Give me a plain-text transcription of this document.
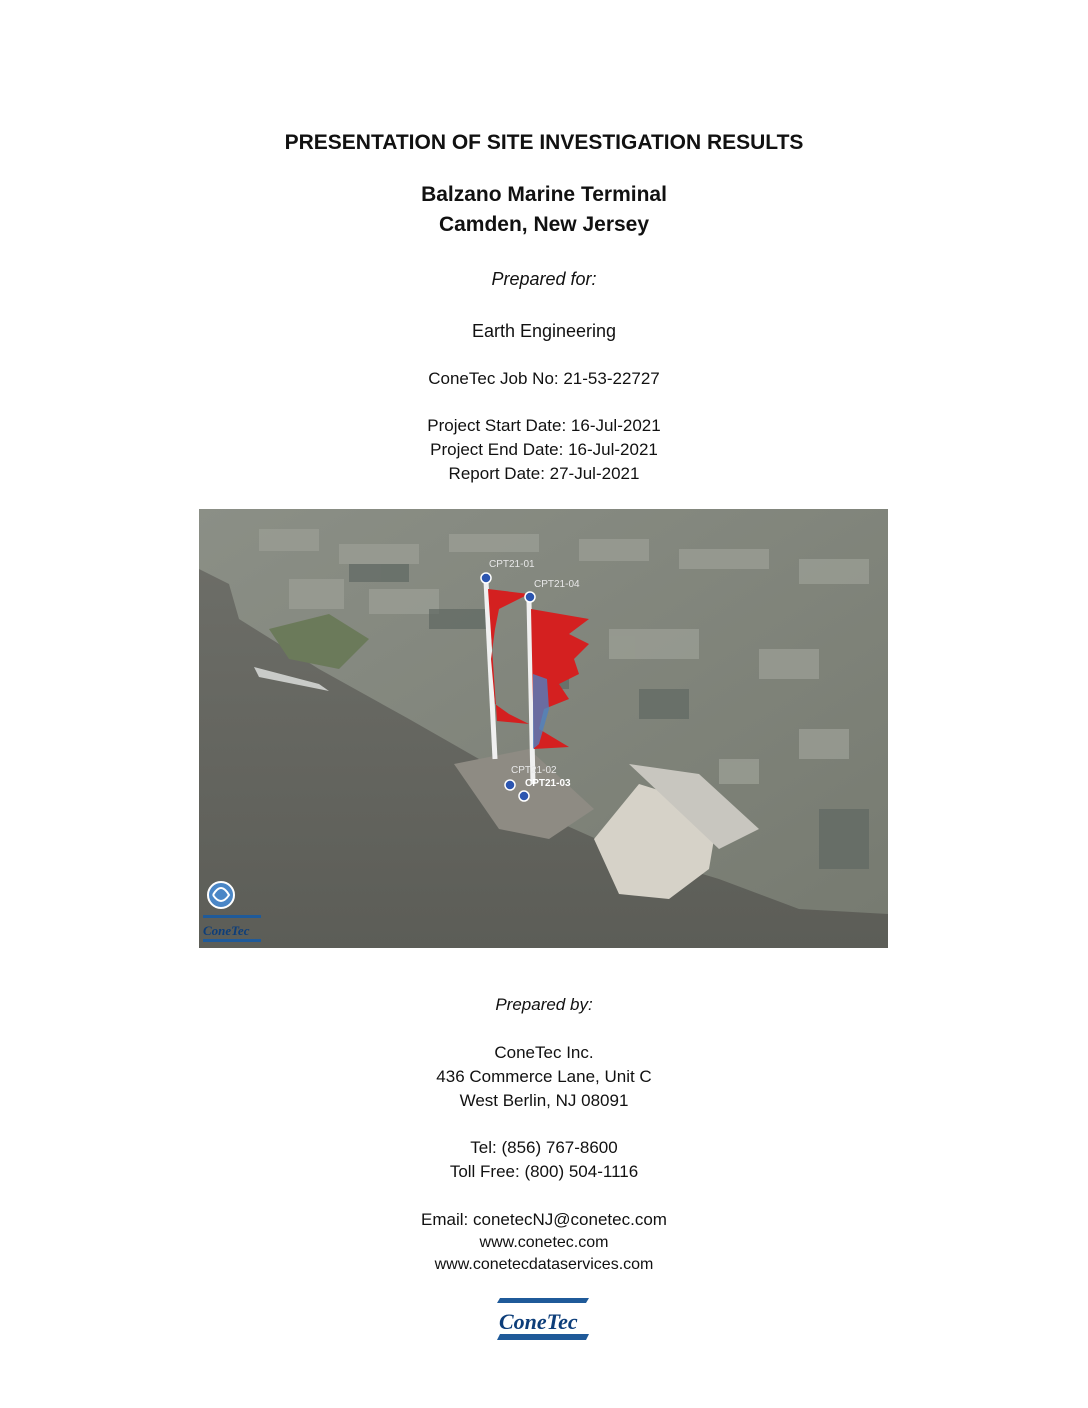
PRESENTATION OF SITE INVESTIGATION RESULTS
Balzano Marine Terminal
Camden, New Jersey
Prepared for:
Earth Engineering
ConeTec Job No: 21-53-22727
Project Start Date: 16-Jul-2021
Project End Date: 16-Jul-2021
Report Date: 27-Jul-2021
CPT21-01
CPT21-04
CPT21-02
CPT21-03
ConeTec
Prepared by:
ConeTec Inc.
436 Commerce Lane, Unit C
West Berlin, NJ 08091
Tel: (856) 767-8600
Toll Free: (800) 504-1116
Email: conetecNJ@conetec.com
www.conetec.com
www.conetecdataservices.com
ConeTec
